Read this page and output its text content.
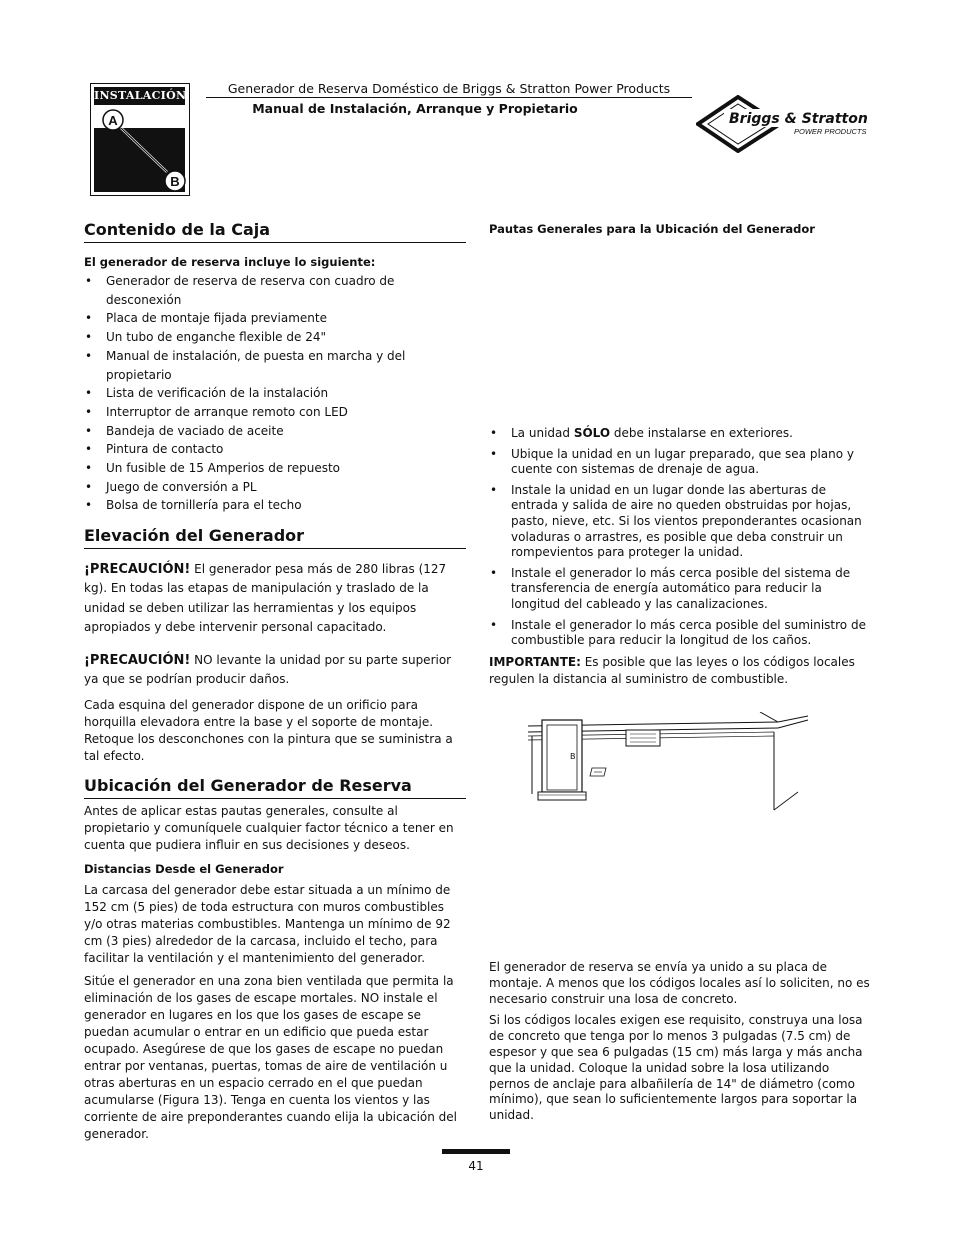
INSTALACIÓN
A
B
Generador de Reserva Doméstico de Briggs & Stratton Power Products
Manual de Instalación, Arranque y Propietario
Briggs & Stratton
POWER PRODUCTS
Contenido de la Caja
El generador de reserva incluye lo siguiente:
• Generador de reserva de reserva con cuadro de desconexión
• Placa de montaje fijada previamente
• Un tubo de enganche flexible de 24"
• Manual de instalación, de puesta en marcha y del propietario
• Lista de verificación de la instalación
• Interruptor de arranque remoto con LED
• Bandeja de vaciado de aceite
• Pintura de contacto
• Un fusible de 15 Amperios de repuesto
• Juego de conversión a PL
• Bolsa de tornillería para el techo
Elevación del Generador

¡PRECAUCIÓN! El generador pesa más de 280 libras (127 kg). En todas las etapas de manipulación y traslado de la unidad se deben utilizar las herramientas y los equipos apropiados y debe intervenir personal capacitado.

¡PRECAUCIÓN! NO levante la unidad por su parte superior ya que se podrían producir daños.

Cada esquina del generador dispone de un orificio para horquilla elevadora entre la base y el soporte de montaje. Retoque los desconchones con la pintura que se suministra a tal efecto.

Ubicación del Generador de Reserva

Antes de aplicar estas pautas generales, consulte al propietario y comuníquele cualquier factor técnico a tener en cuenta que pudiera influir en sus decisiones y deseos.

Distancias Desde el Generador

La carcasa del generador debe estar situada a un mínimo de 152 cm (5 pies) de toda estructura con muros combustibles y/o otras materias combustibles. Mantenga un mínimo de 92 cm (3 pies) alrededor de la carcasa, incluido el techo, para facilitar la ventilación y el mantenimiento del generador.

Sitúe el generador en una zona bien ventilada que permita la eliminación de los gases de escape mortales. NO instale el generador en lugares en los que los gases de escape se puedan acumular o entrar en un edificio que pueda estar ocupado. Asegúrese de que los gases de escape no puedan entrar por ventanas, puertas, tomas de aire de ventilación u otras aberturas en un espacio cerrado en el que puedan acumularse (Figura 13). Tenga en cuenta los vientos y las corriente de aire preponderantes cuando elija la ubicación del generador.

Pautas Generales para la Ubicación del Generador
• La unidad SÓLO debe instalarse en exteriores.
• Ubique la unidad en un lugar preparado, que sea plano y cuente con sistemas de drenaje de agua.
• Instale la unidad en un lugar donde las aberturas de entrada y salida de aire no queden obstruidas por hojas, pasto, nieve, etc. Si los vientos preponderantes ocasionan voladuras o arrastres, es posible que deba construir un rompevientos para proteger la unidad.
• Instale el generador lo más cerca posible del sistema de transferencia de energía automático para reducir la longitud del cableado y las canalizaciones.
• Instale el generador lo más cerca posible del suministro de combustible para reducir la longitud de los caños.

IMPORTANTE: Es posible que las leyes o los códigos locales regulen la distancia al suministro de combustible.

B

El generador de reserva se envía ya unido a su placa de montaje. A menos que los códigos locales así lo soliciten, no es necesario construir una losa de concreto.

Si los códigos locales exigen ese requisito, construya una losa de concreto que tenga por lo menos 3 pulgadas (7.5 cm) de espesor y que sea 6 pulgadas (15 cm) más larga y más ancha que la unidad. Coloque la unidad sobre la losa utilizando pernos de anclaje para albañilería de 14" de diámetro (como mínimo), que sean lo suficientemente largos para soportar la unidad.

41
